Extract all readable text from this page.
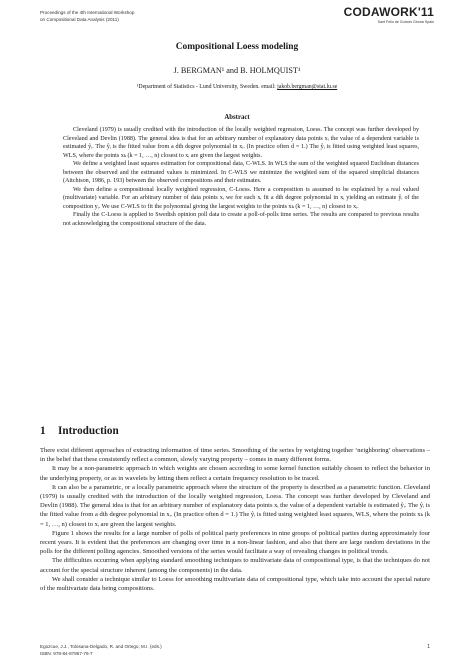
Proceedings of the 4th International Workshop
on Compositional Data Analysis (2011)
CODAWORK'11
Sant Feliu de Guíxols Girona Spain
Compositional Loess modeling
J. BERGMAN¹ and B. HOLMQUIST¹
¹Department of Statistics - Lund University, Sweden. email: jakob.bergman@stat.lu.se
Abstract

Cleveland (1979) is usually credited with the introduction of the locally weighted regression, Loess. The concept was further developed by Cleveland and Devlin (1988). The general idea is that for an arbitrary number of explanatory data points xᵢ the value of a dependent variable is estimated ŷᵢ. The ŷᵢ is the fitted value from a dth degree polynomial in xᵢ. (In practice often d = 1.) The ŷᵢ is fitted using weighted least squares, WLS, where the points xₖ (k = 1, …, n) closest to xᵢ are given the largest weights.

We define a weighted least squares estimation for compositional data, C-WLS. In WLS the sum of the weighted squared Euclidean distances between the observed and the estimated values is minimized. In C-WLS we minimize the weighted sum of the squared simplicial distances (Aitchison, 1986, p. 193) between the observed compositions and their estimates.

We then define a compositional locally weighted regression, C-Loess. Here a composition is assumed to be explained by a real valued (multivariate) variable. For an arbitrary number of data points xᵢ we for each xᵢ fit a dth degree polynomial in xᵢ yielding an estimate ŷᵢ of the composition yᵢ. We use C-WLS to fit the polynomial giving the largest weights to the points xₖ (k = 1, …, n) closest to xᵢ.

Finally the C-Loess is applied to Swedish opinion poll data to create a poll-of-polls time series. The results are compared to previous results not acknowledging the compositional structure of the data.

1 Introduction

There exist different approaches of extracting information of time series. Smoothing of the series by weighting together ‘neighboring’ observations – in the belief that these consistently reflect a common, slowly varying property – comes in many different forms.

It may be a non-parametric approach in which weights are chosen according to some kernel function suitably chosen to reflect the behavior in the underlying property, or as in wavelets by letting them reflect a certain frequency resolution to be traced.

It can also be a parametric, or a locally parametric approach where the structure of the property is described as a parametric function. Cleveland (1979) is usually credited with the introduction of the locally weighted regression, Loess. The concept was further developed by Cleveland and Devlin (1988). The general idea is that for an arbitrary number of explanatory data points xᵢ the value of a dependent variable is estimated ŷᵢ. The ŷᵢ is the fitted value from a dth degree polynomial in xᵢ. (In practice often d = 1.) The ŷᵢ is fitted using weighted least squares, WLS, where the points xₖ (k = 1, …, n) closest to xᵢ are given the largest weights.

Figure 1 shows the results for a large number of polls of political party preferences in nine groups of political parties during approximately four recent years. It is evident that the preferences are changing over time in a non-linear fashion, and also that there are large random deviations in the polls for the different polling agencies. Smoothed versions of the series would facilitate a way of revealing changes in political trends.

The difficulties occurring when applying standard smoothing techniques to multivariate data of compositional type, is that the techniques do not account for the special structure inherent (among the components) in the data.

We shall consider a technique similar to Loess for smoothing multivariate data of compositional type, which take into account the special nature of the multivariate data being compositions.

Egozcue, J.J., Tolosana-Delgado, R. and Ortego, M.I. (eds.)
ISBN: 978-84-87867-76-7
1
